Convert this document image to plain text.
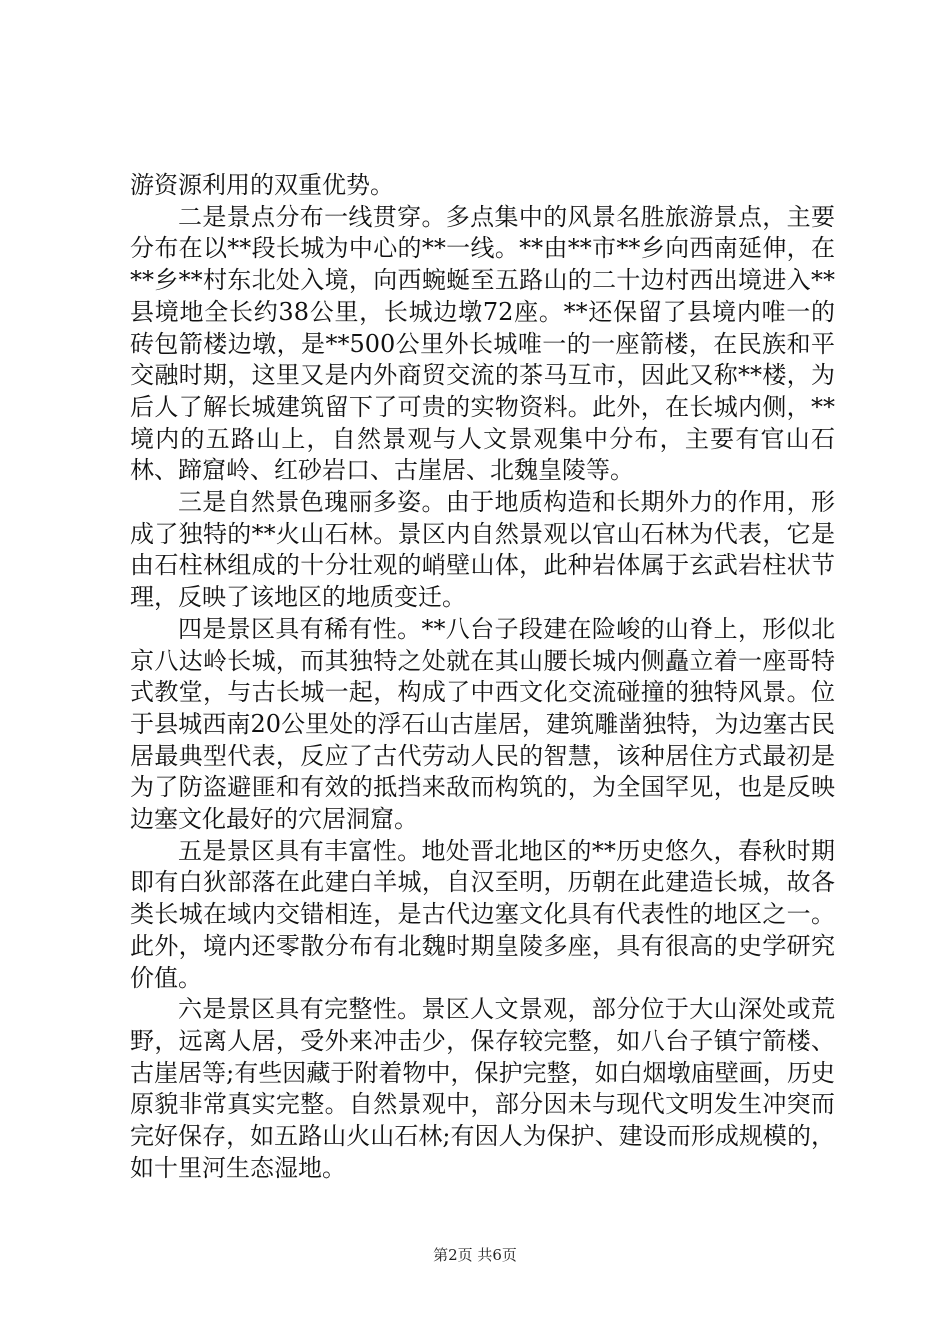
游资源利用的双重优势。

二是景点分布一线贯穿。多点集中的风景名胜旅游景点，主要分布在以**段长城为中心的**一线。**由**市**乡向西南延伸，在**乡**村东北处入境，向西蜿蜒至五路山的二十边村西出境进入**县境地全长约38公里，长城边墩72座。**还保留了县境内唯一的砖包箭楼边墩，是**500公里外长城唯一的一座箭楼，在民族和平交融时期，这里又是内外商贸交流的茶马互市，因此又称**楼，为后人了解长城建筑留下了可贵的实物资料。此外，在长城内侧，**境内的五路山上，自然景观与人文景观集中分布，主要有官山石林、蹄窟岭、红砂岩口、古崖居、北魏皇陵等。

三是自然景色瑰丽多姿。由于地质构造和长期外力的作用，形成了独特的**火山石林。景区内自然景观以官山石林为代表，它是由石柱林组成的十分壮观的峭壁山体，此种岩体属于玄武岩柱状节理，反映了该地区的地质变迁。

四是景区具有稀有性。**八台子段建在险峻的山脊上，形似北京八达岭长城，而其独特之处就在其山腰长城内侧矗立着一座哥特式教堂，与古长城一起，构成了中西文化交流碰撞的独特风景。位于县城西南20公里处的浮石山古崖居，建筑雕凿独特，为边塞古民居最典型代表，反应了古代劳动人民的智慧，该种居住方式最初是为了防盗避匪和有效的抵挡来敌而构筑的，为全国罕见，也是反映边塞文化最好的穴居洞窟。

五是景区具有丰富性。地处晋北地区的**历史悠久，春秋时期即有白狄部落在此建白羊城，自汉至明，历朝在此建造长城，故各类长城在域内交错相连，是古代边塞文化具有代表性的地区之一。此外，境内还零散分布有北魏时期皇陵多座，具有很高的史学研究价值。

六是景区具有完整性。景区人文景观，部分位于大山深处或荒野，远离人居，受外来冲击少，保存较完整，如八台子镇宁箭楼、古崖居等;有些因藏于附着物中，保护完整，如白烟墩庙壁画，历史原貌非常真实完整。自然景观中，部分因未与现代文明发生冲突而完好保存，如五路山火山石林;有因人为保护、建设而形成规模的，如十里河生态湿地。

第2页 共6页
